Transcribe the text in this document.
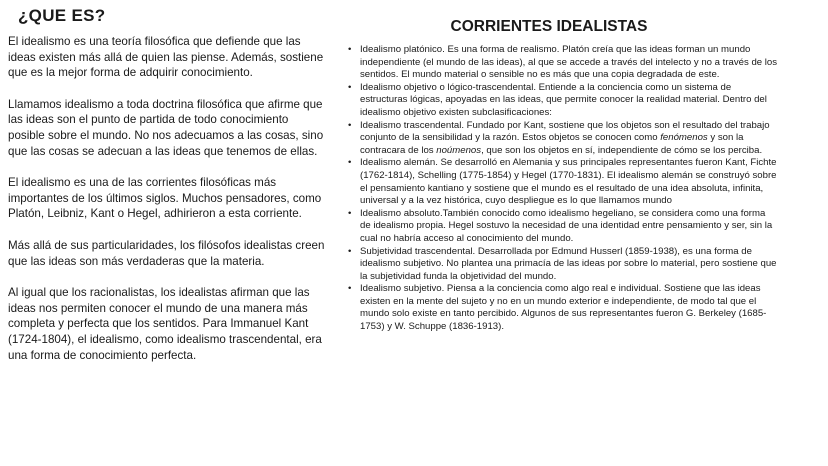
¿QUE ES?

El idealismo es una teoría filosófica que defiende que las ideas existen más allá de quien las piense. Además, sostiene que es la mejor forma de adquirir conocimiento.

Llamamos idealismo a toda doctrina filosófica que afirme que las ideas son el punto de partida de todo conocimiento posible sobre el mundo. No nos adecuamos a las cosas, sino que las cosas se adecuan a las ideas que tenemos de ellas.

El idealismo es una de las corrientes filosóficas más importantes de los últimos siglos. Muchos pensadores, como Platón, Leibniz, Kant o Hegel, adhirieron a esta corriente.

Más allá de sus particularidades, los filósofos idealistas creen que las ideas son más verdaderas que la materia.

Al igual que los racionalistas, los idealistas afirman que las ideas nos permiten conocer el mundo de una manera más completa y perfecta que los sentidos. Para Immanuel Kant (1724-1804), el idealismo, como idealismo trascendental, era una forma de conocimiento perfecta.

CORRIENTES IDEALISTAS
• Idealismo platónico. Es una forma de realismo. Platón creía que las ideas forman un mundo independiente (el mundo de las ideas), al que se accede a través del intelecto y no a través de los sentidos. El mundo material o sensible no es más que una copia degradada de este.
• Idealismo objetivo o lógico-trascendental. Entiende a la conciencia como un sistema de estructuras lógicas, apoyadas en las ideas, que permite conocer la realidad material. Dentro del idealismo objetivo existen subclasificaciones:
• Idealismo trascendental. Fundado por Kant, sostiene que los objetos son el resultado del trabajo conjunto de la sensibilidad y la razón. Estos objetos se conocen como fenómenos y son la contracara de los noúmenos, que son los objetos en sí, independiente de cómo se los perciba.
• Idealismo alemán. Se desarrolló en Alemania y sus principales representantes fueron Kant, Fichte (1762-1814), Schelling (1775-1854) y Hegel (1770-1831). El idealismo alemán se construyó sobre el pensamiento kantiano y sostiene que el mundo es el resultado de una idea absoluta, infinita, universal y a la vez histórica, cuyo despliegue es lo que llamamos mundo
• Idealismo absoluto.También conocido como idealismo hegeliano, se considera como una forma de idealismo propia. Hegel sostuvo la necesidad de una identidad entre pensamiento y ser, sin la cual no habría acceso al conocimiento del mundo.
• Subjetividad trascendental. Desarrollada por Edmund Husserl (1859-1938), es una forma de idealismo subjetivo. No plantea una primacía de las ideas por sobre lo material, pero sostiene que la subjetividad funda la objetividad del mundo.
• Idealismo subjetivo. Piensa a la conciencia como algo real e individual. Sostiene que las ideas existen en la mente del sujeto y no en un mundo exterior e independiente, de modo tal que el mundo solo existe en tanto percibido. Algunos de sus representantes fueron G. Berkeley (1685-1753) y W. Schuppe (1836-1913).
